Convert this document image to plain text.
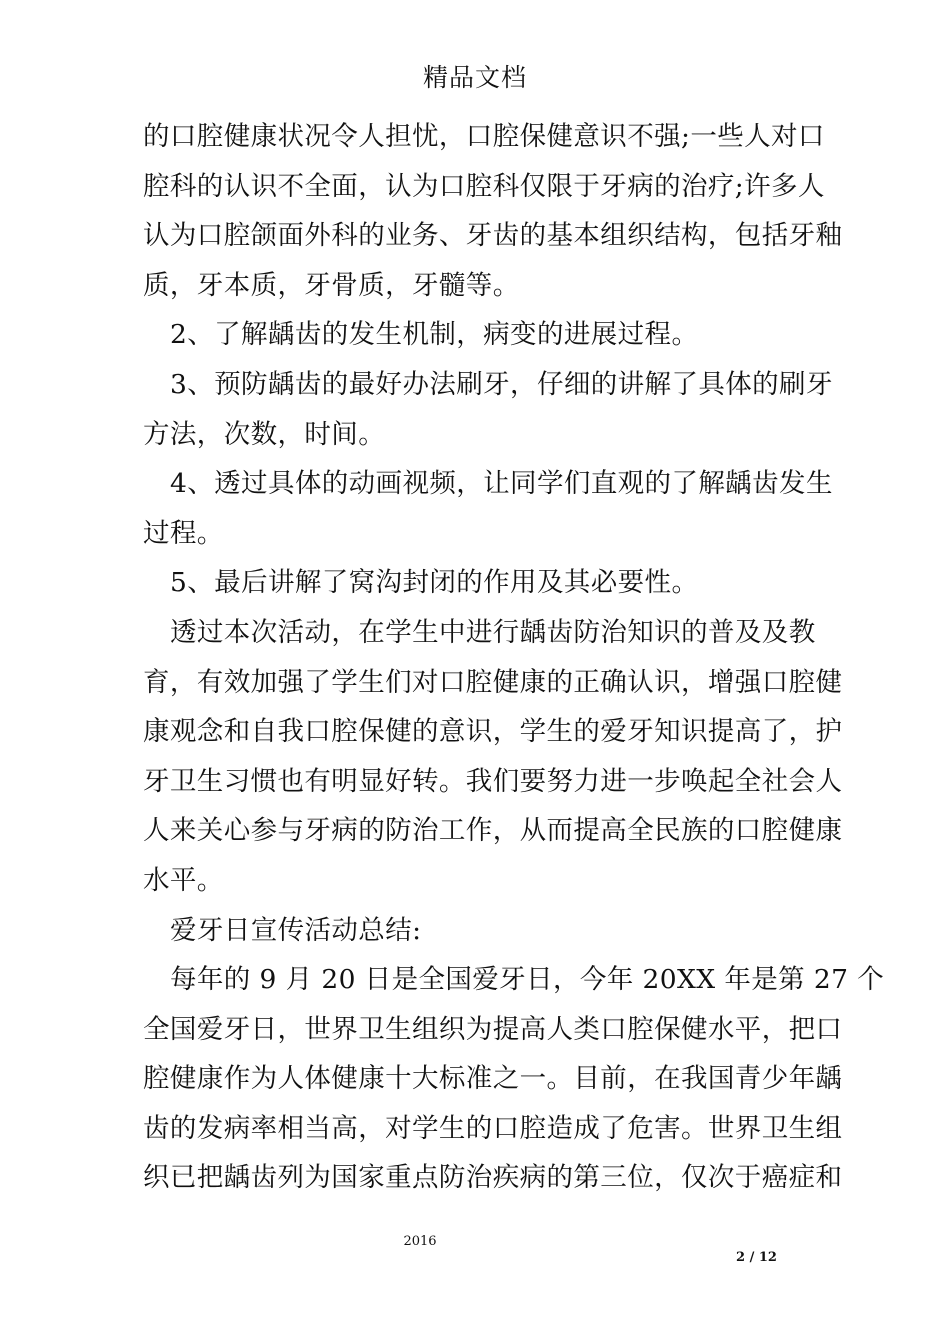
精品文档
的口腔健康状况令人担忧，口腔保健意识不强;一些人对口
腔科的认识不全面，认为口腔科仅限于牙病的治疗;许多人
认为口腔颌面外科的业务、牙齿的基本组织结构，包括牙釉
质，牙本质，牙骨质，牙髓等。
2、了解龋齿的发生机制，病变的进展过程。
3、预防龋齿的最好办法刷牙，仔细的讲解了具体的刷牙
方法，次数，时间。
4、透过具体的动画视频，让同学们直观的了解龋齿发生
过程。
5、最后讲解了窝沟封闭的作用及其必要性。
透过本次活动，在学生中进行龋齿防治知识的普及及教
育，有效加强了学生们对口腔健康的正确认识，增强口腔健
康观念和自我口腔保健的意识，学生的爱牙知识提高了，护
牙卫生习惯也有明显好转。我们要努力进一步唤起全社会人
人来关心参与牙病的防治工作，从而提高全民族的口腔健康
水平。
爱牙日宣传活动总结:
每年的 9 月 20 日是全国爱牙日，今年 20XX 年是第 27 个
全国爱牙日，世界卫生组织为提高人类口腔保健水平，把口
腔健康作为人体健康十大标准之一。目前，在我国青少年龋
齿的发病率相当高，对学生的口腔造成了危害。世界卫生组
织已把龋齿列为国家重点防治疾病的第三位，仅次于癌症和
2016
2 / 12
